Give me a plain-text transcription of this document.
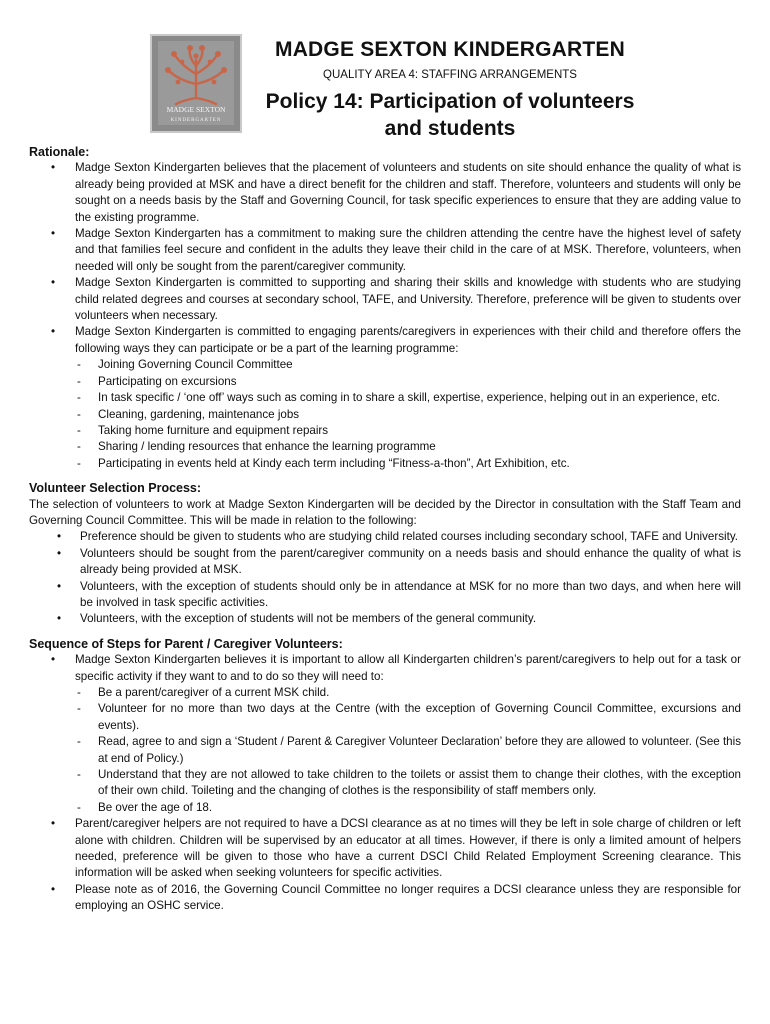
MADGE SEXTON
KINDERGARTEN
MADGE SEXTON KINDERGARTEN
QUALITY AREA 4: STAFFING ARRANGEMENTS
Policy 14: Participation of volunteers and students
Rationale:
• Madge Sexton Kindergarten believes that the placement of volunteers and students on site should enhance the quality of what is already being provided at MSK and have a direct benefit for the children and staff. Therefore, volunteers and students will only be sought on a needs basis by the Staff and Governing Council, for task specific experiences to ensure that they are adding value to the existing programme.
• Madge Sexton Kindergarten has a commitment to making sure the children attending the centre have the highest level of safety and that families feel secure and confident in the adults they leave their child in the care of at MSK. Therefore, volunteers, when needed will only be sought from the parent/caregiver community.
• Madge Sexton Kindergarten is committed to supporting and sharing their skills and knowledge with students who are studying child related degrees and courses at secondary school, TAFE, and University. Therefore, preference will be given to students over volunteers when necessary.
• Madge Sexton Kindergarten is committed to engaging parents/caregivers in experiences with their child and therefore offers the following ways they can participate or be a part of the learning programme:
- Joining Governing Council Committee
- Participating on excursions
- In task specific / ‘one off’ ways such as coming in to share a skill, expertise, experience, helping out in an experience, etc.
- Cleaning, gardening, maintenance jobs
- Taking home furniture and equipment repairs
- Sharing / lending resources that enhance the learning programme
- Participating in events held at Kindy each term including “Fitness-a-thon”, Art Exhibition, etc.
Volunteer Selection Process:

The selection of volunteers to work at Madge Sexton Kindergarten will be decided by the Director in consultation with the Staff Team and Governing Council Committee. This will be made in relation to the following:

• Preference should be given to students who are studying child related courses including secondary school, TAFE and University.
• Volunteers should be sought from the parent/caregiver community on a needs basis and should enhance the quality of what is already being provided at MSK.
• Volunteers, with the exception of students should only be in attendance at MSK for no more than two days, and when here will be involved in task specific activities.
• Volunteers, with the exception of students will not be members of the general community.
Sequence of Steps for Parent / Caregiver Volunteers:
• Madge Sexton Kindergarten believes it is important to allow all Kindergarten children’s parent/caregivers to help out for a task or specific activity if they want to and to do so they will need to:
- Be a parent/caregiver of a current MSK child.
- Volunteer for no more than two days at the Centre (with the exception of Governing Council Committee, excursions and events).
- Read, agree to and sign a ‘Student / Parent & Caregiver Volunteer Declaration’ before they are allowed to volunteer. (See this at end of Policy.)
- Understand that they are not allowed to take children to the toilets or assist them to change their clothes, with the exception of their own child. Toileting and the changing of clothes is the responsibility of staff members only.
- Be over the age of 18.
• Parent/caregiver helpers are not required to have a DCSI clearance as at no times will they be left in sole charge of children or left alone with children. Children will be supervised by an educator at all times. However, if there is only a limited amount of helpers needed, preference will be given to those who have a current DSCI Child Related Employment Screening clearance. This information will be asked when seeking volunteers for specific activities.
• Please note as of 2016, the Governing Council Committee no longer requires a DCSI clearance unless they are responsible for employing an OSHC service.
